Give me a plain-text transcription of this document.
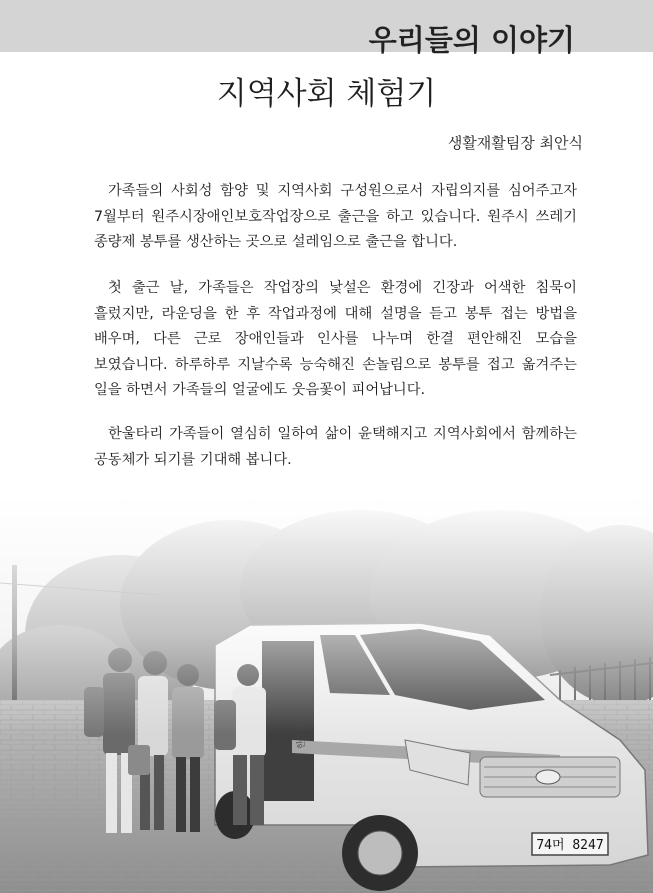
우리들의 이야기
지역사회 체험기
생활재활팀장 최안식

가족들의 사회성 함양 및 지역사회 구성원으로서 자립의지를 심어주고자 7월부터 원주시장애인보호작업장으로 출근을 하고 있습니다. 원주시 쓰레기 종량제 봉투를 생산하는 곳으로 설레임으로 출근을 합니다.

첫 출근 날, 가족들은 작업장의 낯설은 환경에 긴장과 어색한 침묵이 흘렀지만, 라운딩을 한 후 작업과정에 대해 설명을 듣고 봉투 접는 방법을 배우며, 다른 근로 장애인들과 인사를 나누며 한결 편안해진 모습을 보였습니다. 하루하루 지날수록 능숙해진 손놀림으로 봉투를 접고 옮겨주는 일을 하면서 가족들의 얼굴에도 웃음꽃이 피어납니다.

한울타리 가족들이 열심히 일하여 삶이 윤택해지고 지역사회에서 함께하는 공동체가 되기를 기대해 봅니다.
